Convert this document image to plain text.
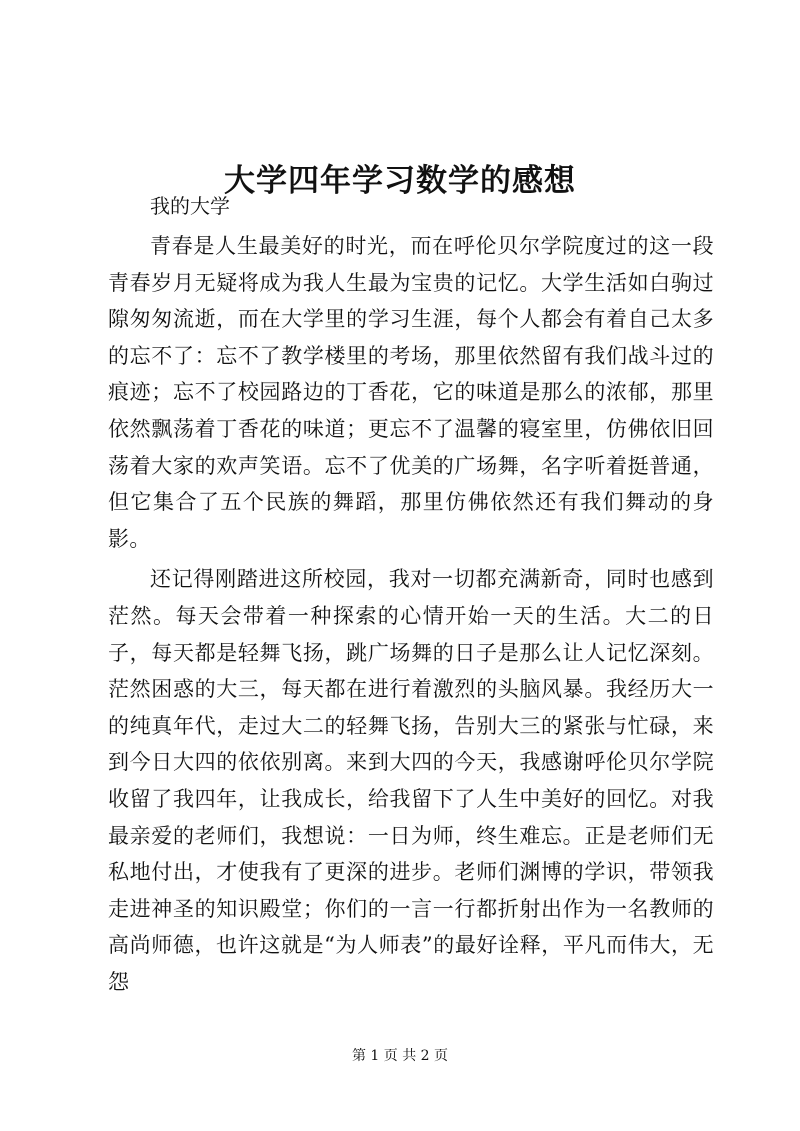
大学四年学习数学的感想
我的大学

青春是人生最美好的时光，而在呼伦贝尔学院度过的这一段青春岁月无疑将成为我人生最为宝贵的记忆。大学生活如白驹过隙匆匆流逝，而在大学里的学习生涯，每个人都会有着自己太多的忘不了：忘不了教学楼里的考场，那里依然留有我们战斗过的痕迹；忘不了校园路边的丁香花，它的味道是那么的浓郁，那里依然飘荡着丁香花的味道；更忘不了温馨的寝室里，仿佛依旧回荡着大家的欢声笑语。忘不了优美的广场舞，名字听着挺普通，但它集合了五个民族的舞蹈，那里仿佛依然还有我们舞动的身影。

还记得刚踏进这所校园，我对一切都充满新奇，同时也感到茫然。每天会带着一种探索的心情开始一天的生活。大二的日子，每天都是轻舞飞扬，跳广场舞的日子是那么让人记忆深刻。茫然困惑的大三，每天都在进行着激烈的头脑风暴。我经历大一的纯真年代，走过大二的轻舞飞扬，告别大三的紧张与忙碌，来到今日大四的依依别离。来到大四的今天，我感谢呼伦贝尔学院收留了我四年，让我成长，给我留下了人生中美好的回忆。对我最亲爱的老师们，我想说：一日为师，终生难忘。正是老师们无私地付出，才使我有了更深的进步。老师们渊博的学识，带领我走进神圣的知识殿堂；你们的一言一行都折射出作为一名教师的高尚师德，也许这就是“为人师表”的最好诠释，平凡而伟大，无怨

第 1 页 共 2 页
